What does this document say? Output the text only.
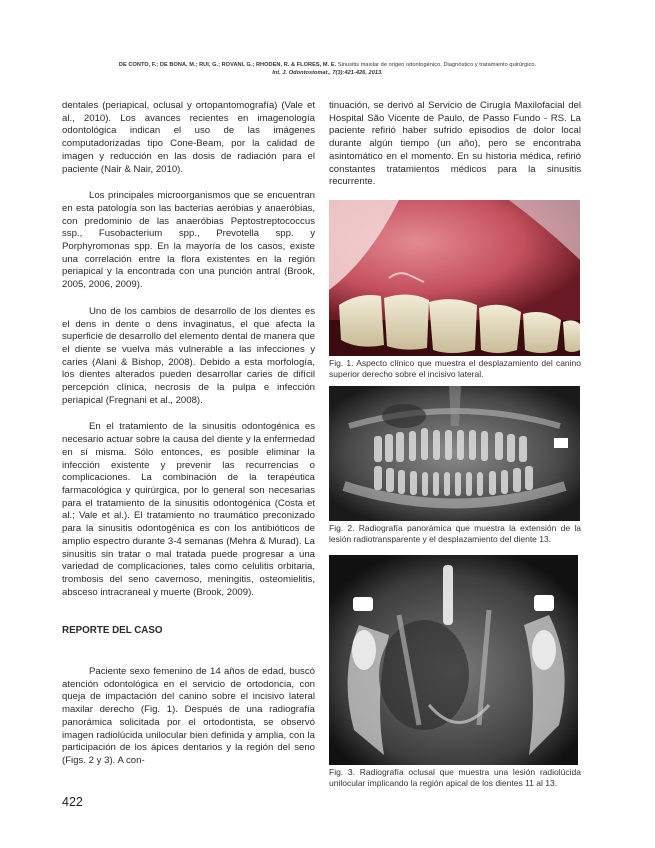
DE CONTO, F.; DE BONA, M.; RUI, G.; ROVANI, G.; RHODEN, R. & FLORES, M. E. Sinusitis maxilar de origen odontogénico. Diagnóstico y tratamiento quirúrgico.
Int. J. Odontostomat., 7(3):421-426, 2013.

dentales (periapical, oclusal y ortopantomografía) (Vale et al., 2010). Los avances recientes en imagenología odontológica indican el uso de las imágenes computadorizadas tipo Cone-Beam, por la calidad de imagen y reducción en las dosis de radiación para el paciente (Nair & Nair, 2010).

Los principales microorganismos que se encuentran en esta patología son las bacterias aeróbias y anaeróbias, con predominio de las anaeróbias Peptostreptococcus ssp., Fusobacterium spp., Prevotella spp. y Porphyromonas spp. En la mayoría de los casos, existe una correlación entre la flora existentes en la región periapical y la encontrada con una punción antral (Brook, 2005, 2006, 2009).

Uno de los cambios de desarrollo de los dientes es el dens in dente o dens invaginatus, el que afecta la superficie de desarrollo del elemento dental de manera que el diente se vuelva más vulnerable a las infecciones y caries (Alani & Bishop, 2008). Debido a esta morfología, los dientes alterados pueden desarrollar caries de difícil percepción clínica, necrosis de la pulpa e infección periapical (Fregnani et al., 2008).

En el tratamiento de la sinusitis odontogénica es necesario actuar sobre la causa del diente y la enfermedad en sí misma. Sólo entonces, es posible eliminar la infección existente y prevenir las recurrencias o complicaciones. La combinación de la terapéutica farmacológica y quirúrgica, por lo general son necesarias para el tratamiento de la sinusitis odontogénica (Costa et al.; Vale et al.). El tratamiento no traumático preconizado para la sinusitis odontogénica es con los antibióticos de amplio espectro durante 3-4 semanas (Mehra & Murad). La sinusitis sin tratar o mal tratada puede progresar a una variedad de complicaciones, tales como celulitis orbitaria, trombosis del seno cavernoso, meningitis, osteomielitis, absceso intracraneal y muerte (Brook, 2009).

REPORTE DEL CASO

Paciente sexo femenino de 14 años de edad, buscó atención odontológica en el servicio de ortodoncia, con queja de impactación del canino sobre el incisivo lateral maxilar derecho (Fig. 1). Después de una radiografía panorámica solicitada por el ortodontista, se observó imagen radiolúcida unilocular bien definida y amplia, con la participación de los ápices dentarios y la región del seno (Figs. 2 y 3). A con-

tinuación, se derivó al Servicio de Cirugía Maxilofacial del Hospital São Vicente de Paulo, de Passo Fundo - RS. La paciente refirió haber sufrido episodios de dolor local durante algún tiempo (un año), pero se encontraba asintomático en el momento. En su historia médica, refirió constantes tratamientos médicos para la sinusitis recurrente.

Fig. 1. Aspecto clínico que muestra el desplazamiento del canino superior derecho sobre el incisivo lateral.
Fig. 2. Radiografía panorámica que muestra la extensión de la lesión radiotransparente y el desplazamiento del diente 13.
Fig. 3. Radiografía oclusal que muestra una lesión radiolúcida unilocular implicando la región apical de los dientes 11 al 13.
422
